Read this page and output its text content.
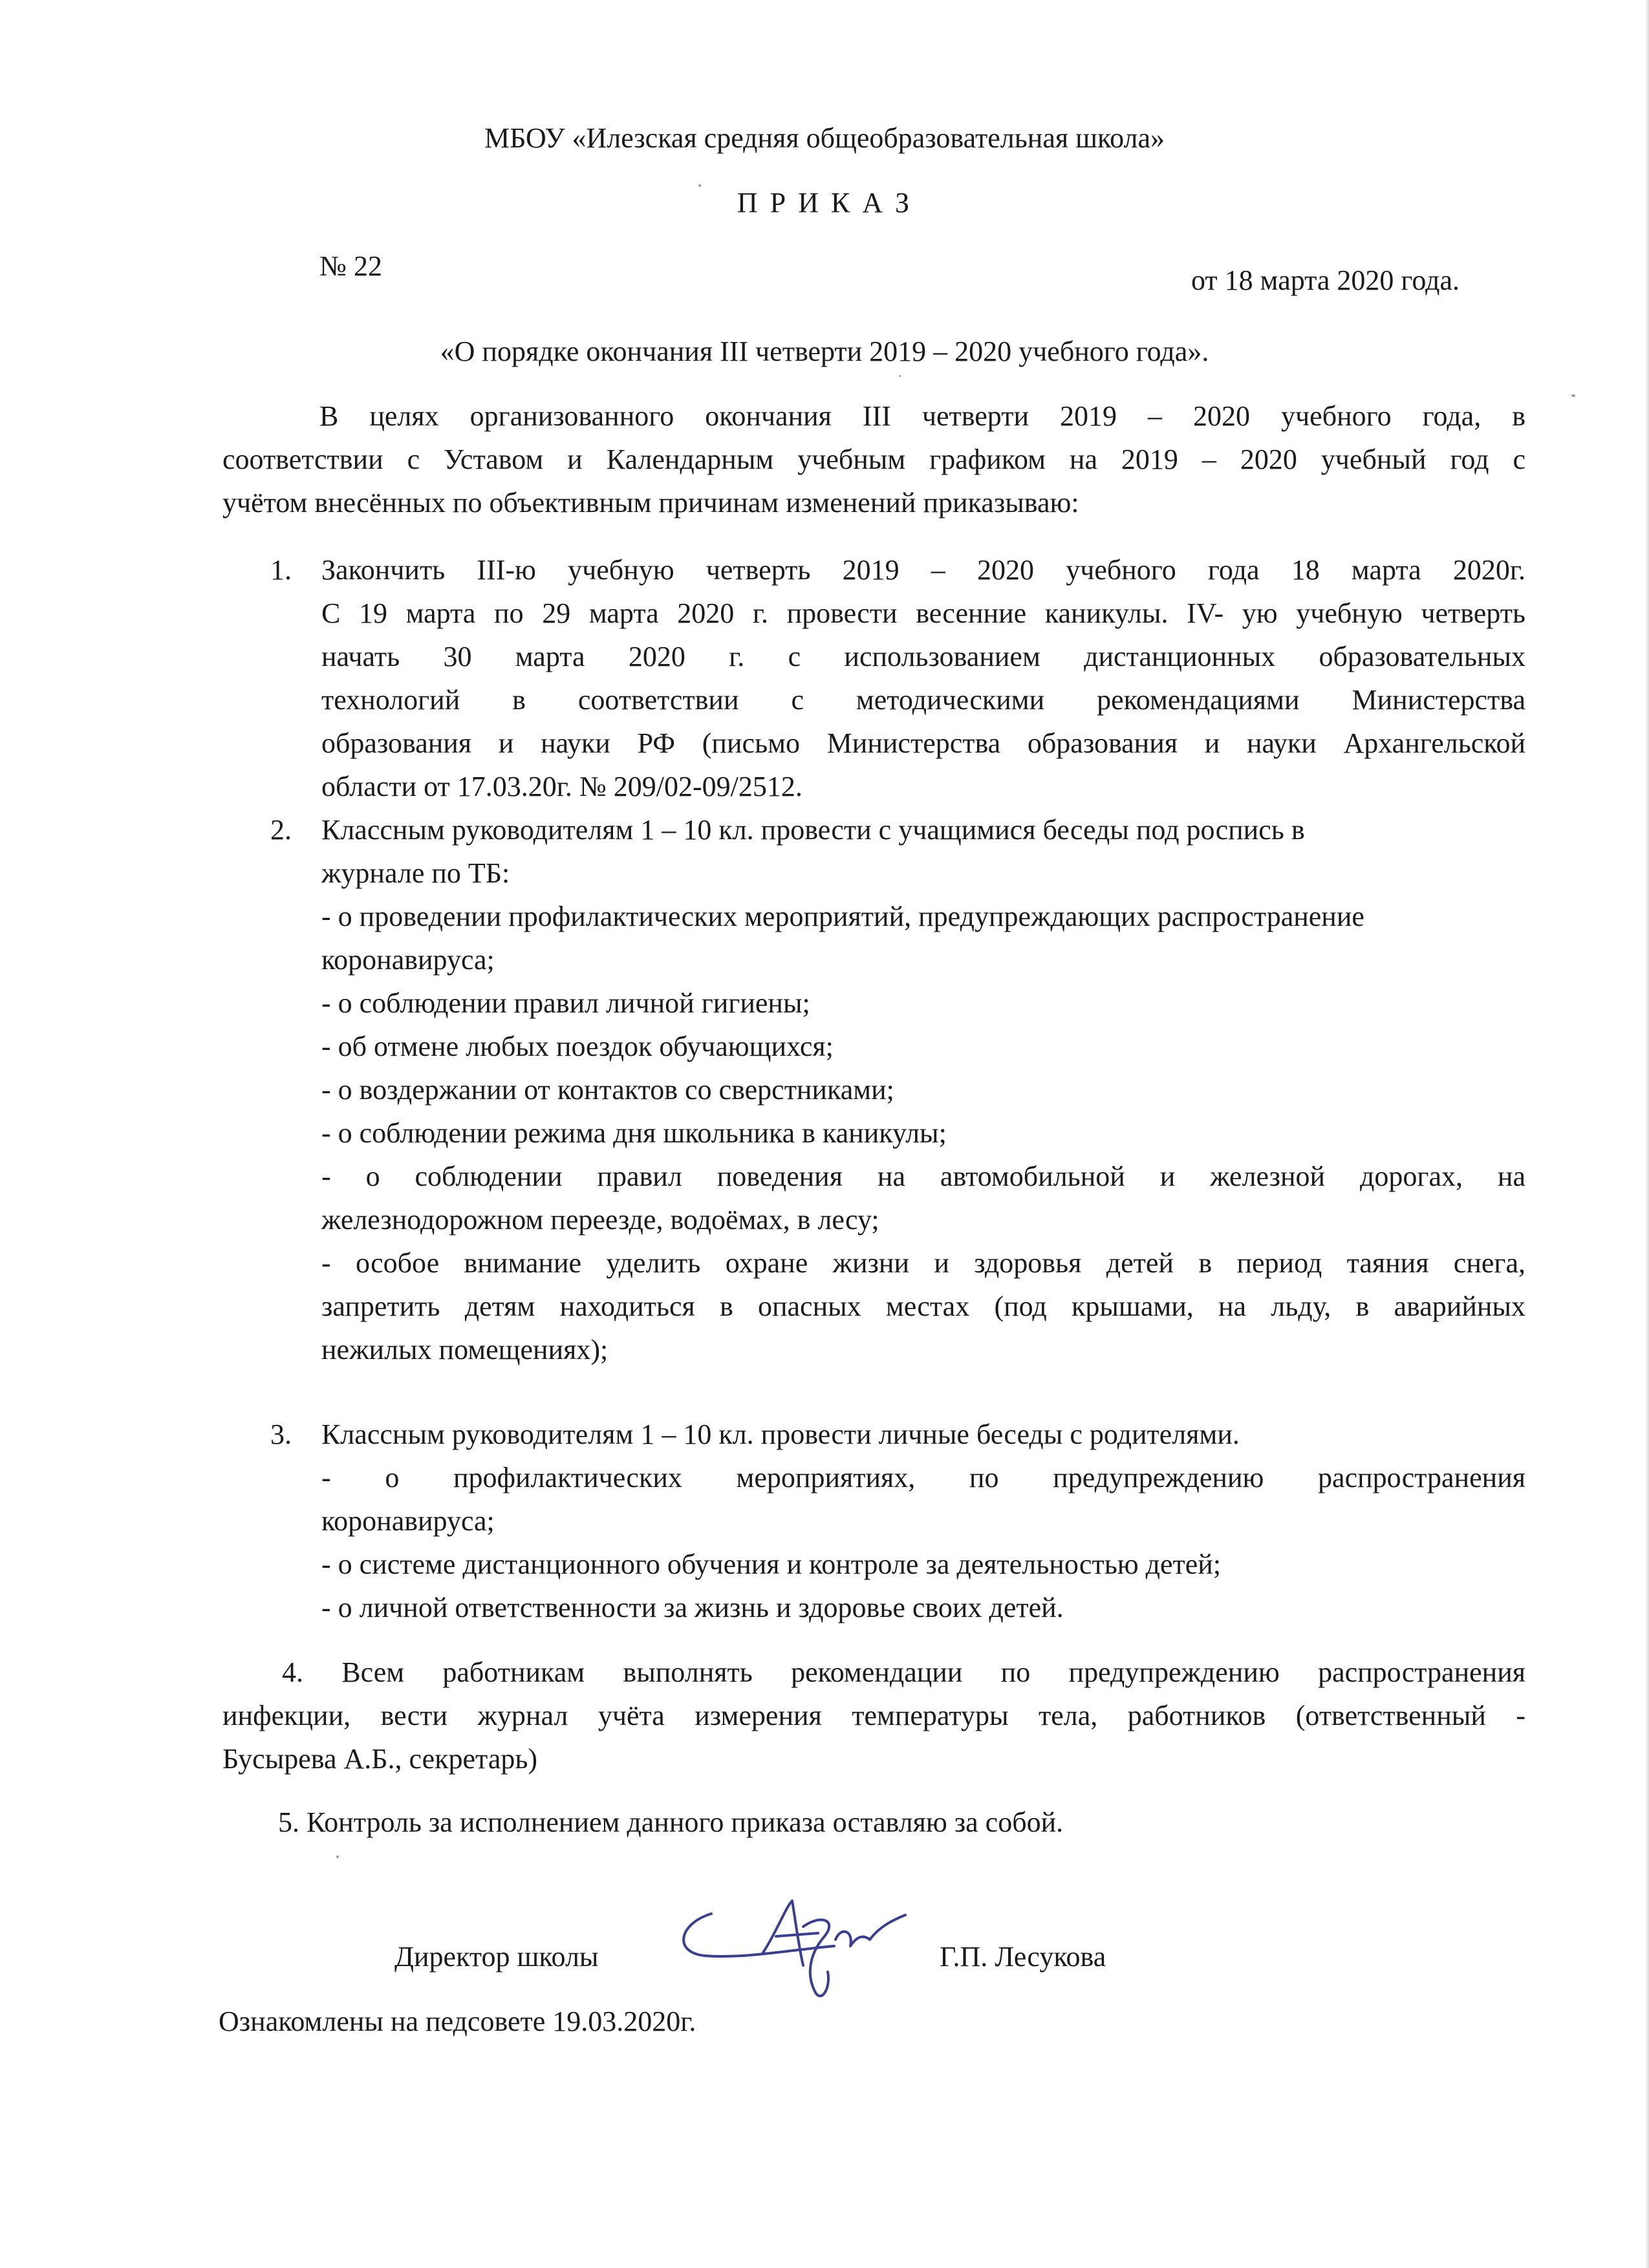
МБОУ «Илезская средняя общеобразовательная школа»
П Р И К А З
№ 22	от 18 марта 2020 года.
«О порядке окончания III четверти 2019 – 2020 учебного года».
В целях организованного окончания III четверти 2019 – 2020 учебного года, в
соответствии с Уставом и Календарным учебным графиком на 2019 – 2020 учебный год с
учётом внесённых по объективным причинам изменений приказываю:
1. Закончить III-ю учебную четверть 2019 – 2020 учебного года 18 марта 2020г.
С 19 марта по 29 марта 2020 г. провести весенние каникулы. IV- ую учебную четверть
начать 30 марта 2020 г. с использованием дистанционных образовательных
технологий в соответствии с методическими рекомендациями Министерства
образования и науки РФ (письмо Министерства образования и науки Архангельской
области от 17.03.20г. № 209/02-09/2512.
2. Классным руководителям 1 – 10 кл. провести с учащимися беседы под роспись в
журнале по ТБ:
- о проведении профилактических мероприятий, предупреждающих распространение
коронавируса;
- о соблюдении правил личной гигиены;
- об отмене любых поездок обучающихся;
- о воздержании от контактов со сверстниками;
- о соблюдении режима дня школьника в каникулы;
- о соблюдении правил поведения на автомобильной и железной дорогах, на
железнодорожном переезде, водоёмах, в лесу;
- особое внимание уделить охране жизни и здоровья детей в период таяния снега,
запретить детям находиться в опасных местах (под крышами, на льду, в аварийных
нежилых помещениях);
3. Классным руководителям 1 – 10 кл. провести личные беседы с родителями.
- о профилактических мероприятиях, по предупреждению распространения
коронавируса;
- о системе дистанционного обучения и контроле за деятельностью детей;
- о личной ответственности за жизнь и здоровье своих детей.
4. Всем работникам выполнять рекомендации по предупреждению распространения
инфекции, вести журнал учёта измерения температуры тела, работников (ответственный -
Бусырева А.Б., секретарь)
5. Контроль за исполнением данного приказа оставляю за собой.
Директор школы	Г.П. Лесукова
Ознакомлены на педсовете 19.03.2020г.
